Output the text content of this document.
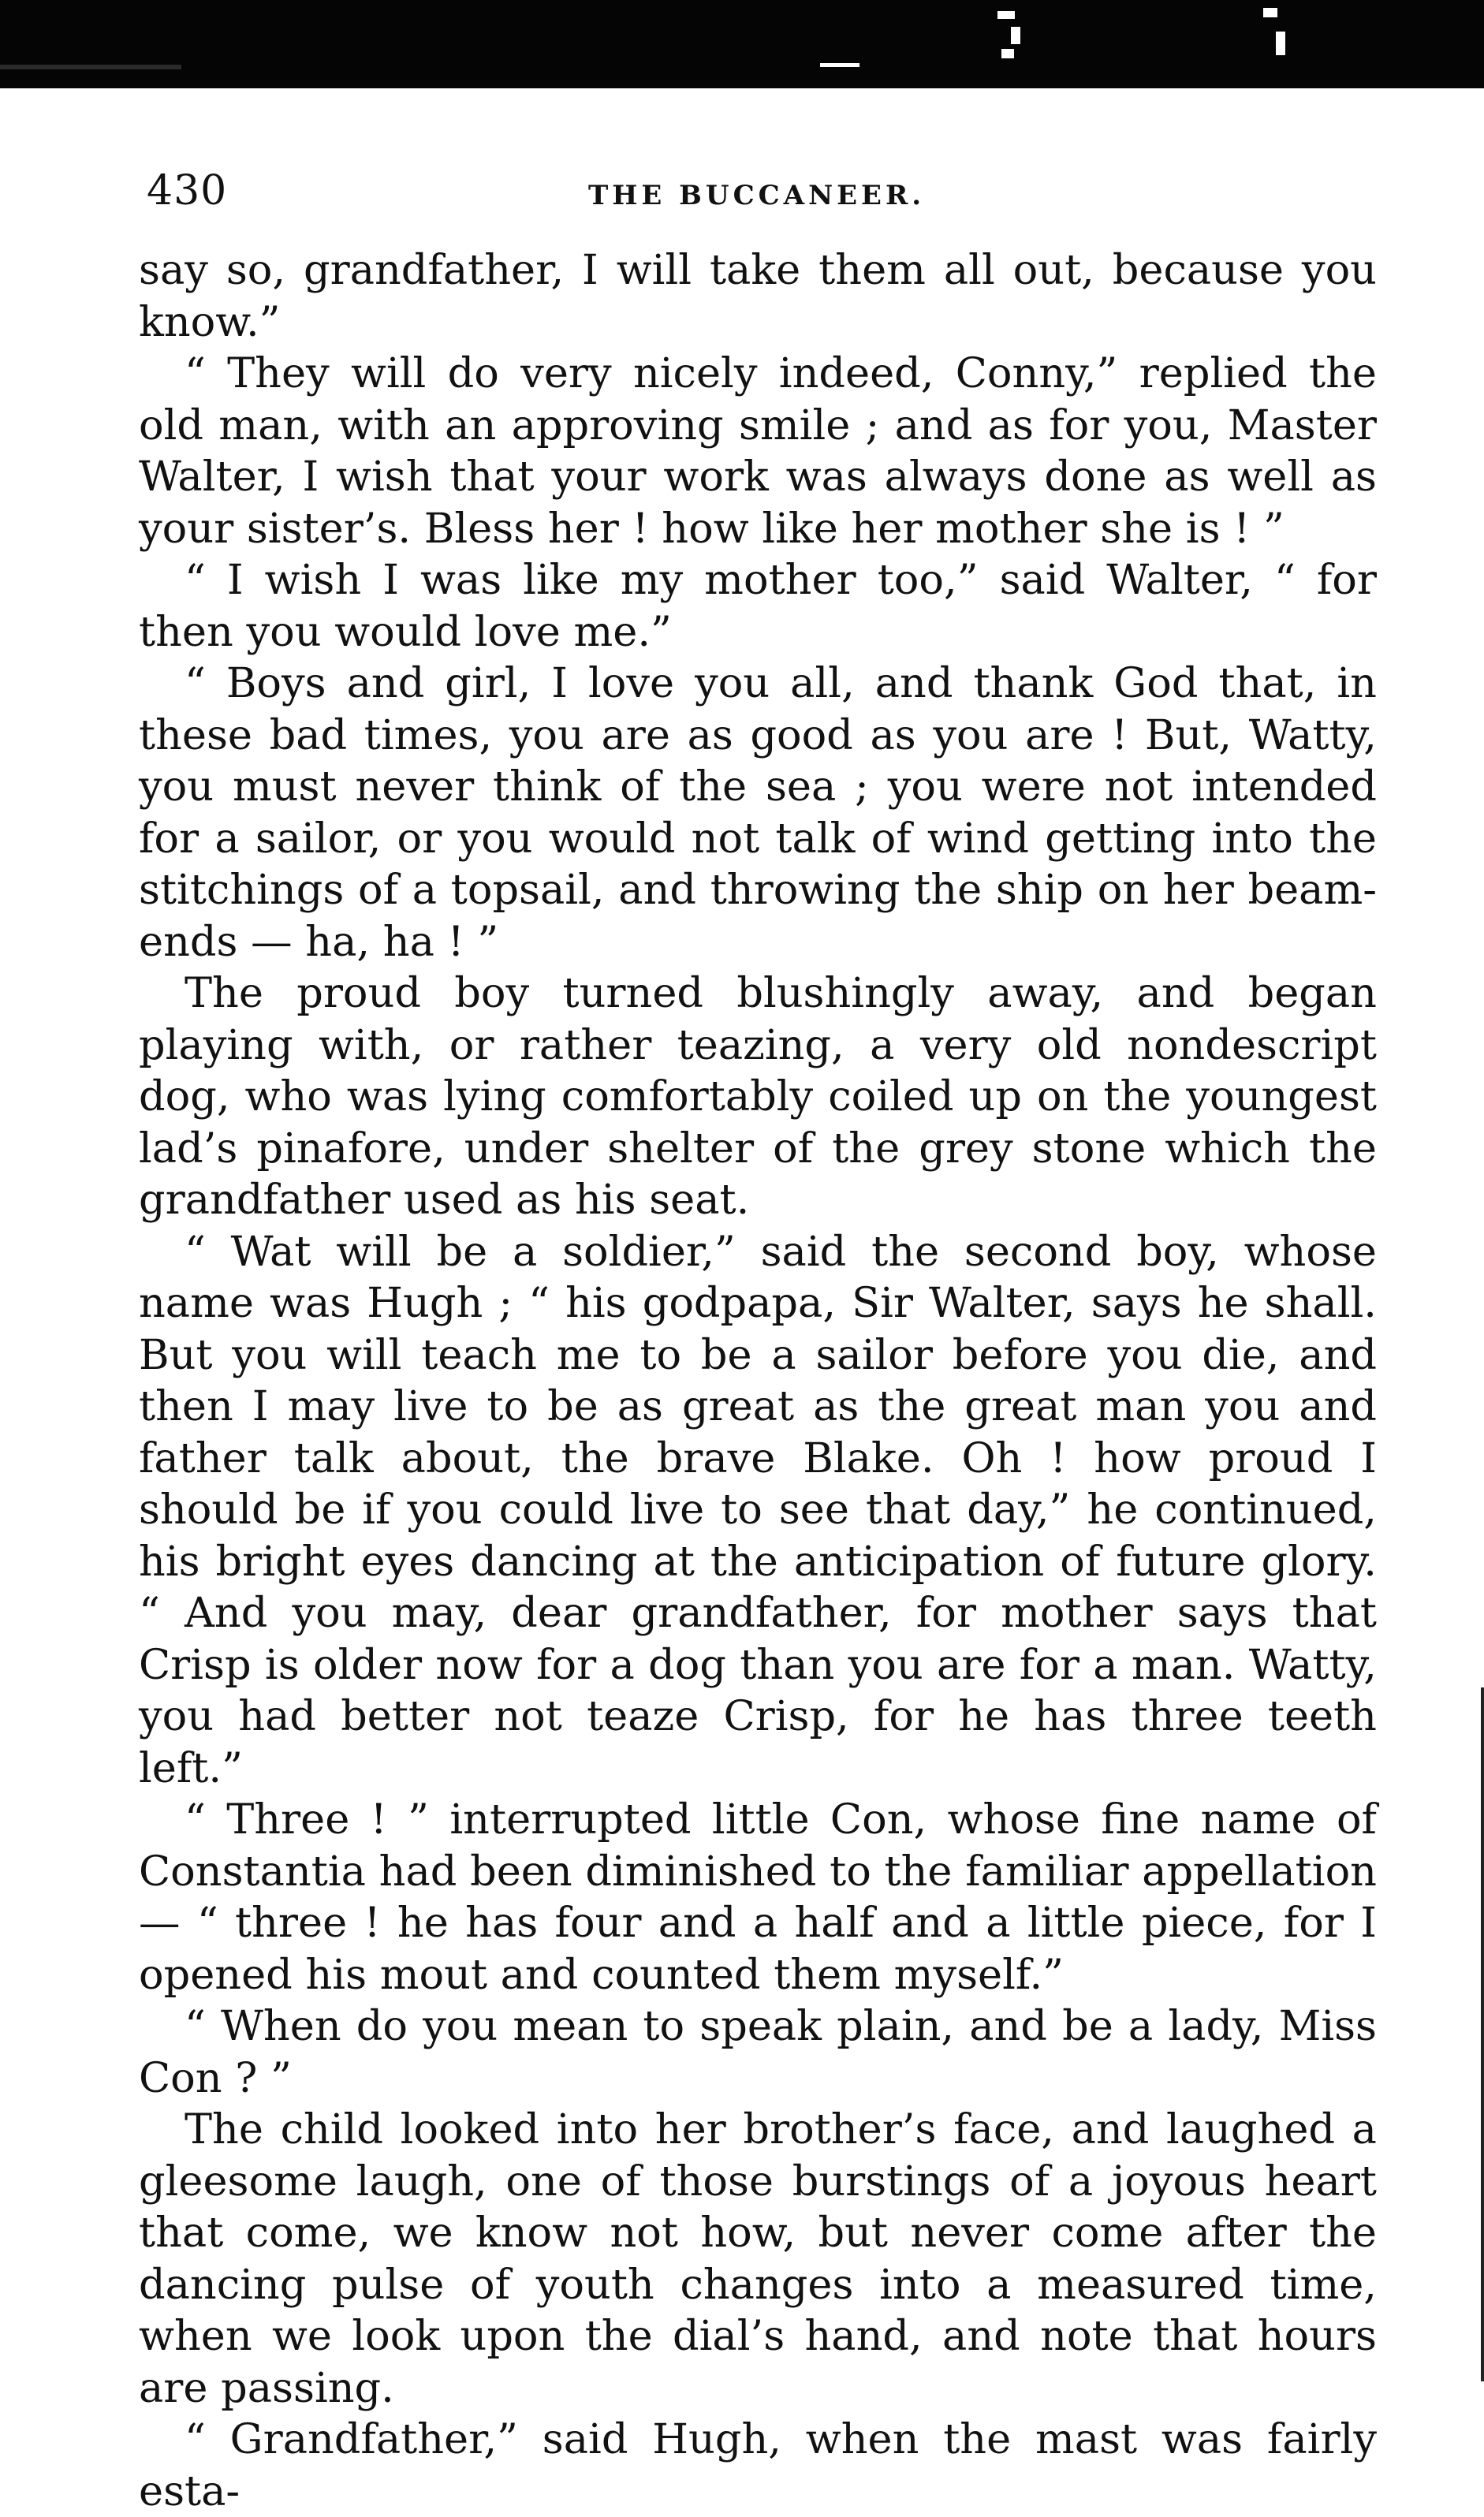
430	THE BUCCANEER.

say so, grandfather, I will take them all out, because you know.”

“ They will do very nicely indeed, Conny,” replied the old man, with an approving smile ; and as for you, Master Walter, I wish that your work was always done as well as your sister’s. Bless her ! how like her mother she is ! ”

“ I wish I was like my mother too,” said Walter, “ for then you would love me.”

“ Boys and girl, I love you all, and thank God that, in these bad times, you are as good as you are ! But, Watty, you must never think of the sea ; you were not intended for a sailor, or you would not talk of wind getting into the stitchings of a topsail, and throwing the ship on her beam-ends — ha, ha ! ”

The proud boy turned blushingly away, and began playing with, or rather teazing, a very old nondescript dog, who was lying comfortably coiled up on the youngest lad’s pinafore, under shelter of the grey stone which the grandfather used as his seat.

“ Wat will be a soldier,” said the second boy, whose name was Hugh ; “ his godpapa, Sir Walter, says he shall. But you will teach me to be a sailor before you die, and then I may live to be as great as the great man you and father talk about, the brave Blake. Oh ! how proud I should be if you could live to see that day,” he continued, his bright eyes dancing at the anticipation of future glory. “ And you may, dear grandfather, for mother says that Crisp is older now for a dog than you are for a man. Watty, you had better not teaze Crisp, for he has three teeth left.”

“ Three ! ” interrupted little Con, whose fine name of Constantia had been diminished to the familiar appellation — “ three ! he has four and a half and a little piece, for I opened his mout and counted them myself.”

“ When do you mean to speak plain, and be a lady, Miss Con ? ”

The child looked into her brother’s face, and laughed a gleesome laugh, one of those burstings of a joyous heart that come, we know not how, but never come after the dancing pulse of youth changes into a measured time, when we look upon the dial’s hand, and note that hours are passing.

“ Grandfather,” said Hugh, when the mast was fairly esta-
